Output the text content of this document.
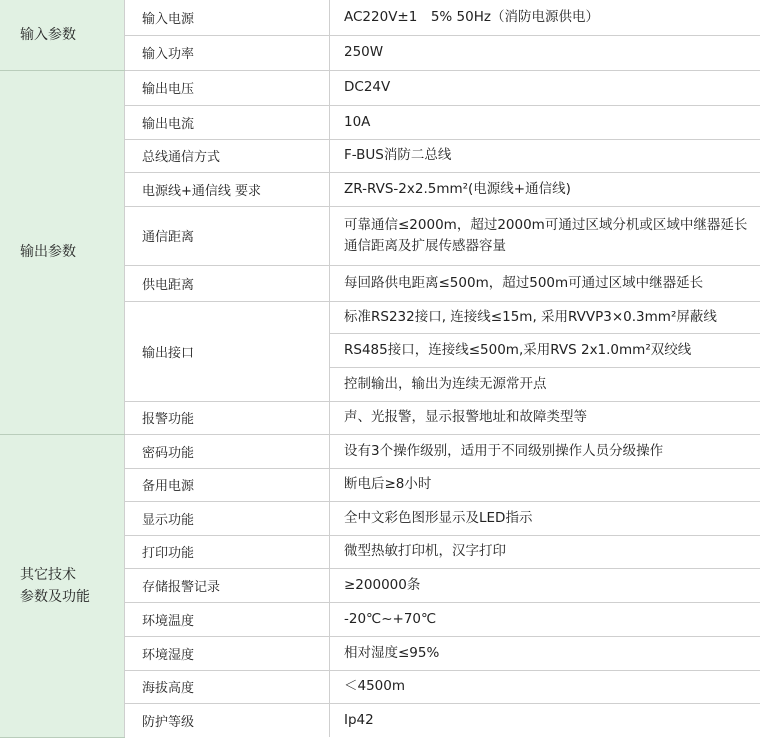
输入参数	输入电源	AC220V±1　5% 50Hz（消防电源供电）
	输入功率	250W
输出参数	输出电压	DC24V
	输出电流	10A
	总线通信方式	F-BUS消防二总线
	电源线+通信线 要求	ZR-RVS-2x2.5mm²(电源线+通信线)
	通信距离	可靠通信≤2000m，超过2000m可通过区域分机或区域中继器延长
通信距离及扩展传感器容量
	供电距离	每回路供电距离≤500m，超过500m可通过区域中继器延长
	输出接口	标准RS232接口, 连接线≤15m, 采用RVVP3×0.3mm²屏蔽线
		RS485接口，连接线≤500m,采用RVS 2x1.0mm²双绞线
		控制输出，输出为连续无源常开点
	报警功能	声、光报警，显示报警地址和故障类型等
其它技术
参数及功能	密码功能	设有3个操作级别，适用于不同级别操作人员分级操作
	备用电源	断电后≥8小时
	显示功能	全中文彩色图形显示及LED指示
	打印功能	微型热敏打印机，汉字打印
	存储报警记录	≥200000条
	环境温度	-20℃~+70℃
	环境湿度	相对湿度≤95%
	海拔高度	＜4500m
	防护等级	Ip42
